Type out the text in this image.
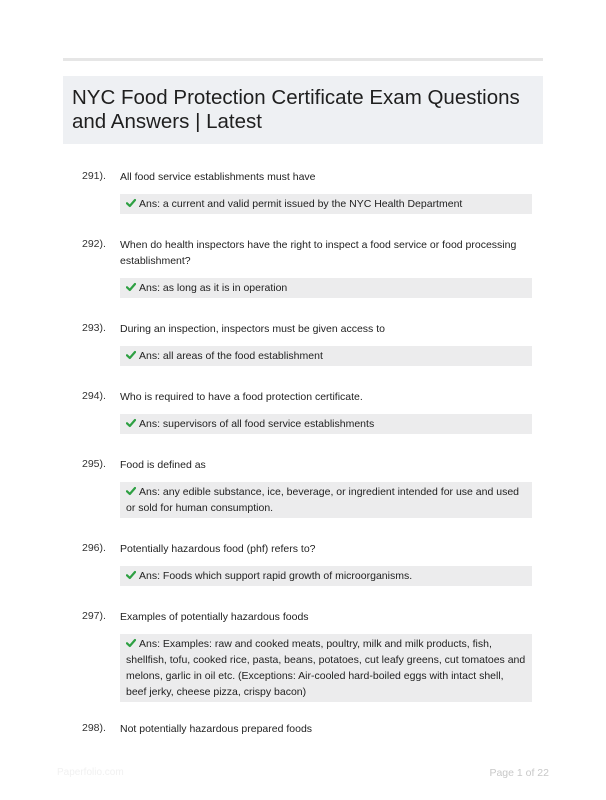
NYC Food Protection Certificate Exam Questions and Answers | Latest
291). All food service establishments must have
Ans: a current and valid permit issued by the NYC Health Department
292). When do health inspectors have the right to inspect a food service or food processing establishment?
Ans: as long as it is in operation
293). During an inspection, inspectors must be given access to
Ans: all areas of the food establishment
294). Who is required to have a food protection certificate.
Ans: supervisors of all food service establishments
295). Food is defined as
Ans: any edible substance, ice, beverage, or ingredient intended for use and used or sold for human consumption.
296). Potentially hazardous food (phf) refers to?
Ans: Foods which support rapid growth of microorganisms.
297). Examples of potentially hazardous foods
Ans: Examples: raw and cooked meats, poultry, milk and milk products, fish, shellfish, tofu, cooked rice, pasta, beans, potatoes, cut leafy greens, cut tomatoes and melons, garlic in oil etc. (Exceptions: Air-cooled hard-boiled eggs with intact shell, beef jerky, cheese pizza, crispy bacon)
298). Not potentially hazardous prepared foods
Paperfolio.com	Page 1 of 22
